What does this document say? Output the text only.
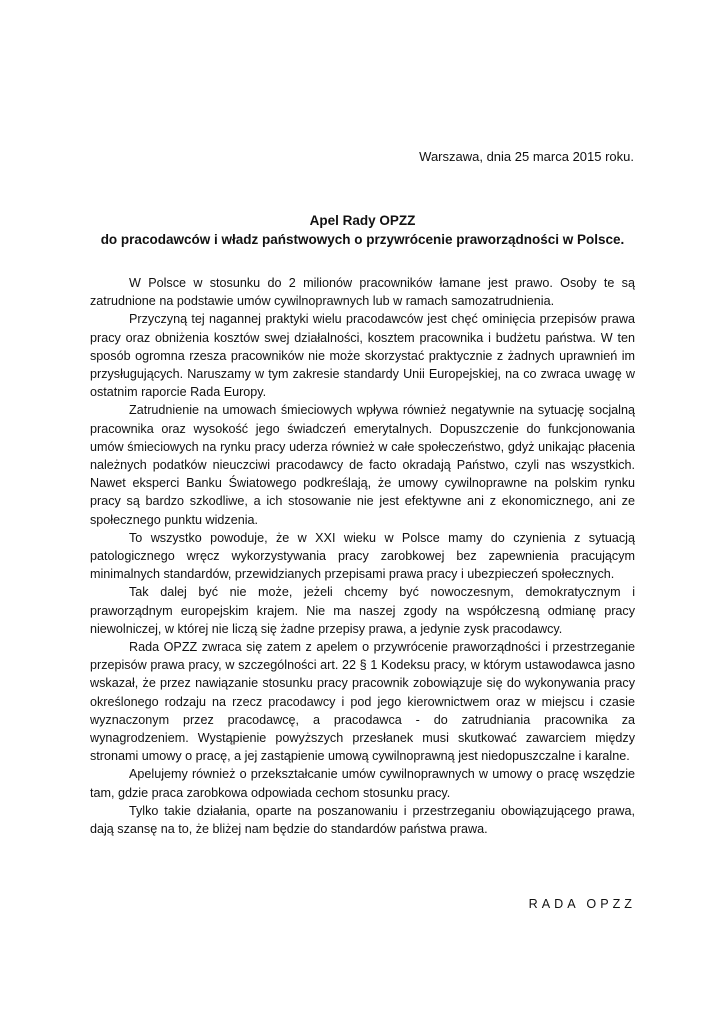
Warszawa, dnia 25 marca 2015 roku.
Apel Rady OPZZ
do pracodawców i władz państwowych o przywrócenie praworządności w Polsce.

W Polsce w stosunku do 2 milionów pracowników łamane jest prawo. Osoby te są zatrudnione na podstawie umów cywilnoprawnych lub w ramach samozatrudnienia.

Przyczyną tej nagannej praktyki wielu pracodawców jest chęć ominięcia przepisów prawa pracy oraz obniżenia kosztów swej działalności, kosztem pracownika i budżetu państwa. W ten sposób ogromna rzesza pracowników nie może skorzystać praktycznie z żadnych uprawnień im przysługujących. Naruszamy w tym zakresie standardy Unii Europejskiej, na co zwraca uwagę w ostatnim raporcie Rada Europy.

Zatrudnienie na umowach śmieciowych wpływa również negatywnie na sytuację socjalną pracownika oraz wysokość jego świadczeń emerytalnych. Dopuszczenie do funkcjonowania umów śmieciowych na rynku pracy uderza również w całe społeczeństwo, gdyż unikając płacenia należnych podatków nieuczciwi pracodawcy de facto okradają Państwo, czyli nas wszystkich. Nawet eksperci Banku Światowego podkreślają, że umowy cywilnoprawne na polskim rynku pracy są bardzo szkodliwe, a ich stosowanie nie jest efektywne ani z ekonomicznego, ani ze społecznego punktu widzenia.

To wszystko powoduje, że w XXI wieku w Polsce mamy do czynienia z sytuacją patologicznego wręcz wykorzystywania pracy zarobkowej bez zapewnienia pracującym minimalnych standardów, przewidzianych przepisami prawa pracy i ubezpieczeń społecznych.

Tak dalej być nie może, jeżeli chcemy być nowoczesnym, demokratycznym i praworządnym europejskim krajem. Nie ma naszej zgody na współczesną odmianę pracy niewolniczej, w której nie liczą się żadne przepisy prawa, a jedynie zysk pracodawcy.

Rada OPZZ zwraca się zatem z apelem o przywrócenie praworządności i przestrzeganie przepisów prawa pracy, w szczególności art. 22 § 1 Kodeksu pracy, w którym ustawodawca jasno wskazał, że przez nawiązanie stosunku pracy pracownik zobowiązuje się do wykonywania pracy określonego rodzaju na rzecz pracodawcy i pod jego kierownictwem oraz w miejscu i czasie wyznaczonym przez pracodawcę, a pracodawca - do zatrudniania pracownika za wynagrodzeniem. Wystąpienie powyższych przesłanek musi skutkować zawarciem między stronami umowy o pracę, a jej zastąpienie umową cywilnoprawną jest niedopuszczalne i karalne.

Apelujemy również o przekształcanie umów cywilnoprawnych w umowy o pracę wszędzie tam, gdzie praca zarobkowa odpowiada cechom stosunku pracy.

Tylko takie działania, oparte na poszanowaniu i przestrzeganiu obowiązującego prawa, dają szansę na to, że bliżej nam będzie do standardów państwa prawa.

RADA OPZZ
